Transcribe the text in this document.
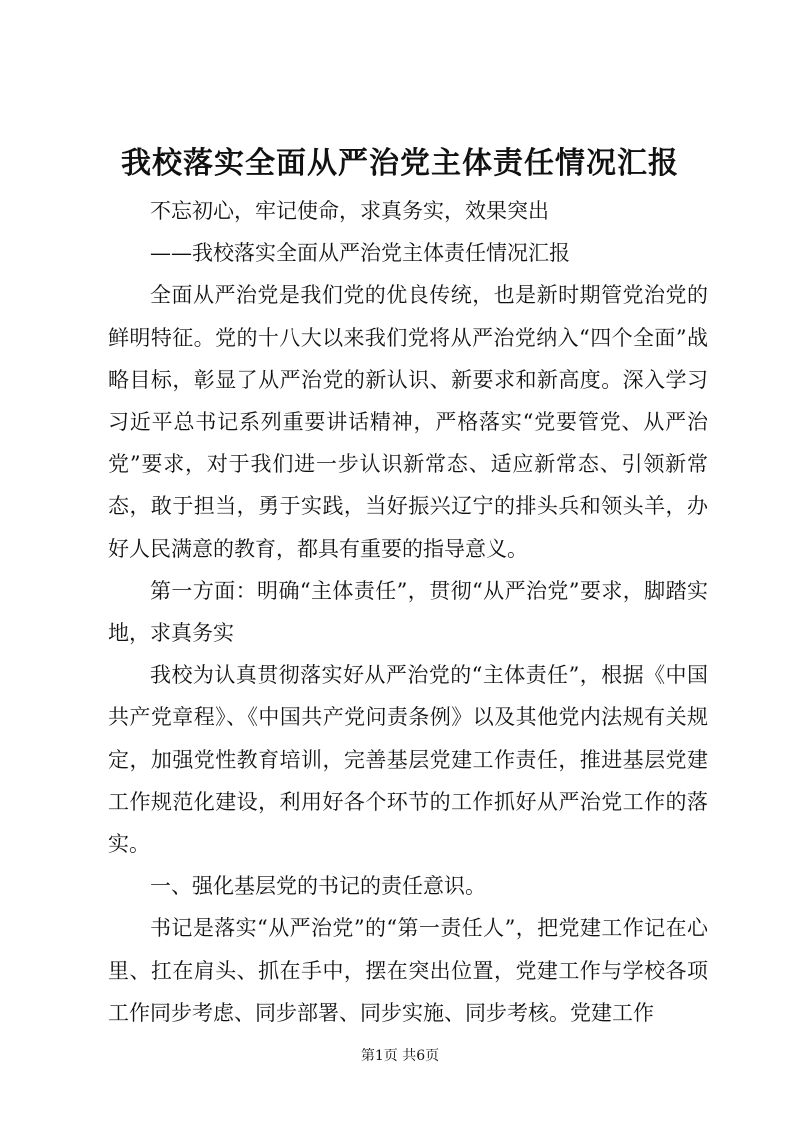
我校落实全面从严治党主体责任情况汇报

不忘初心，牢记使命，求真务实，效果突出

——我校落实全面从严治党主体责任情况汇报

全面从严治党是我们党的优良传统，也是新时期管党治党的鲜明特征。党的十八大以来我们党将从严治党纳入“四个全面”战略目标，彰显了从严治党的新认识、新要求和新高度。深入学习习近平总书记系列重要讲话精神，严格落实“党要管党、从严治党”要求，对于我们进一步认识新常态、适应新常态、引领新常态，敢于担当，勇于实践，当好振兴辽宁的排头兵和领头羊，办好人民满意的教育，都具有重要的指导意义。

第一方面：明确“主体责任”，贯彻“从严治党”要求，脚踏实地，求真务实

我校为认真贯彻落实好从严治党的“主体责任”，根据《中国共产党章程》、《中国共产党问责条例》以及其他党内法规有关规定，加强党性教育培训，完善基层党建工作责任，推进基层党建工作规范化建设，利用好各个环节的工作抓好从严治党工作的落实。

一、强化基层党的书记的责任意识。

书记是落实“从严治党”的“第一责任人”，把党建工作记在心里、扛在肩头、抓在手中，摆在突出位置，党建工作与学校各项工作同步考虑、同步部署、同步实施、同步考核。党建工作

第1页 共6页
